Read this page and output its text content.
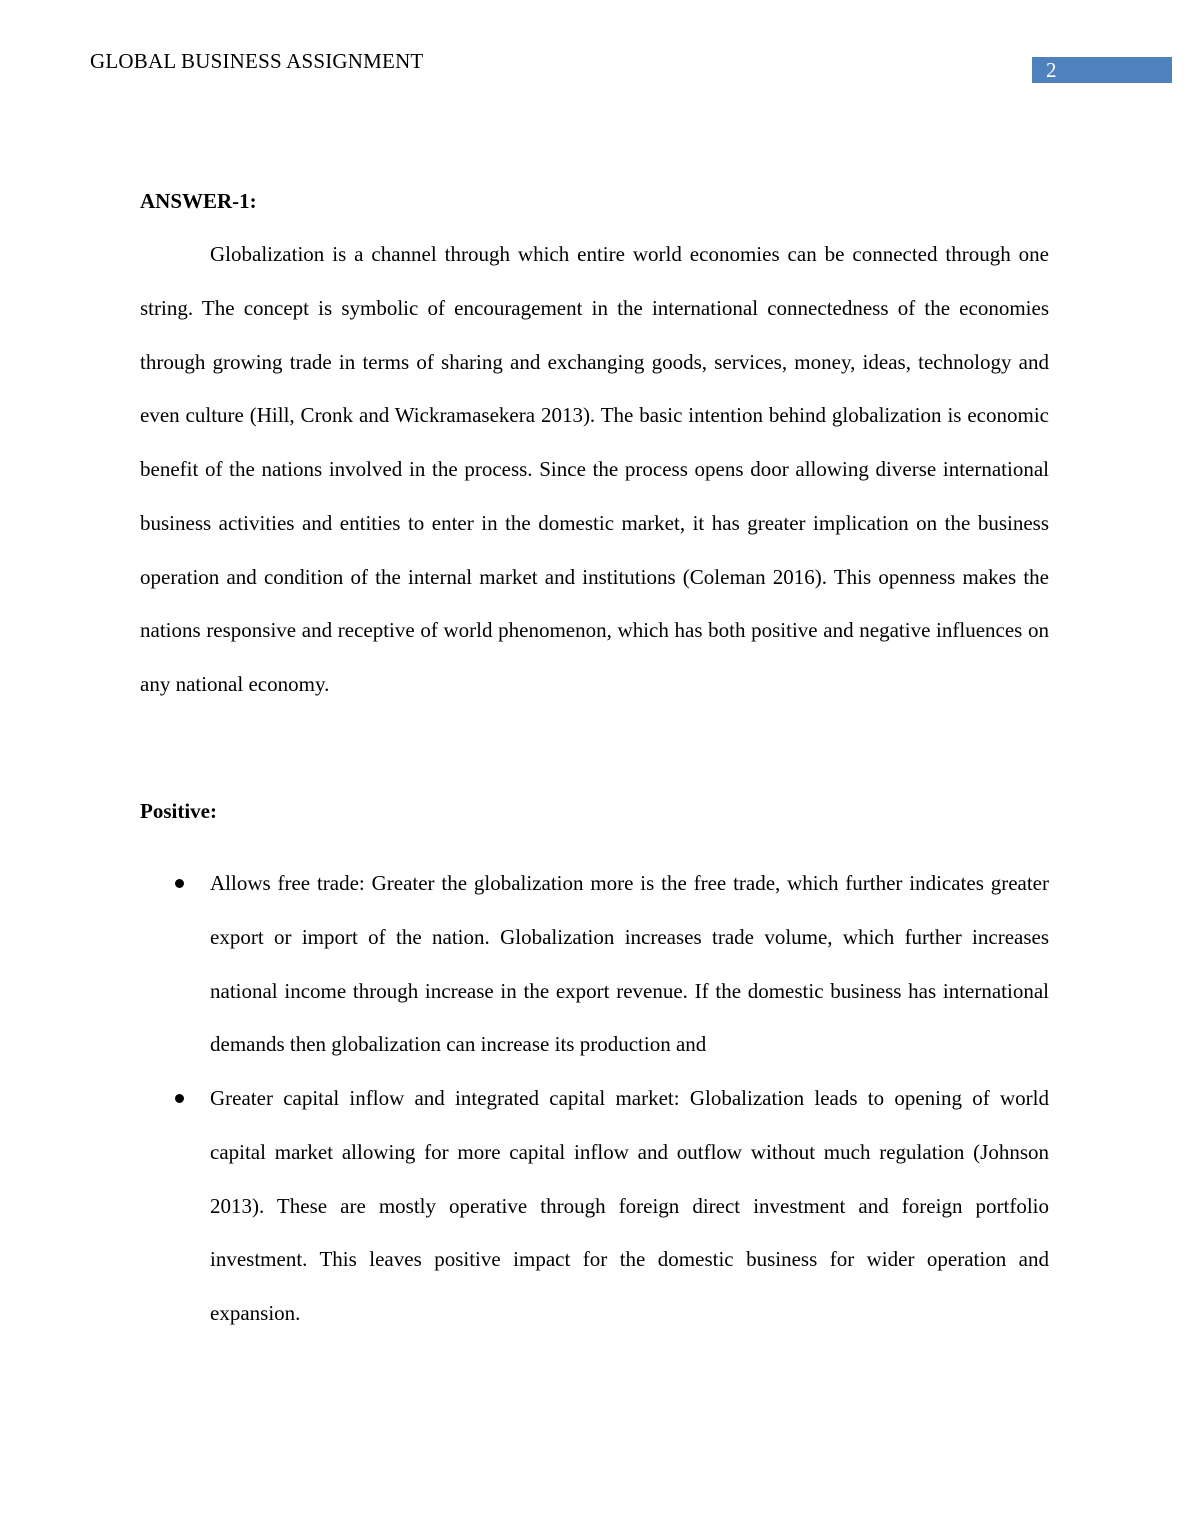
GLOBAL BUSINESS ASSIGNMENT	2
ANSWER-1:

Globalization is a channel through which entire world economies can be connected through one string. The concept is symbolic of encouragement in the international connectedness of the economies through growing trade in terms of sharing and exchanging goods, services, money, ideas, technology and even culture (Hill, Cronk and Wickramasekera 2013). The basic intention behind globalization is economic benefit of the nations involved in the process. Since the process opens door allowing diverse international business activities and entities to enter in the domestic market, it has greater implication on the business operation and condition of the internal market and institutions (Coleman 2016). This openness makes the nations responsive and receptive of world phenomenon, which has both positive and negative influences on any national economy.

Positive:
Allows free trade: Greater the globalization more is the free trade, which further indicates greater export or import of the nation. Globalization increases trade volume, which further increases national income through increase in the export revenue. If the domestic business has international demands then globalization can increase its production and
Greater capital inflow and integrated capital market: Globalization leads to opening of world capital market allowing for more capital inflow and outflow without much regulation (Johnson 2013). These are mostly operative through foreign direct investment and foreign portfolio investment. This leaves positive impact for the domestic business for wider operation and expansion.
